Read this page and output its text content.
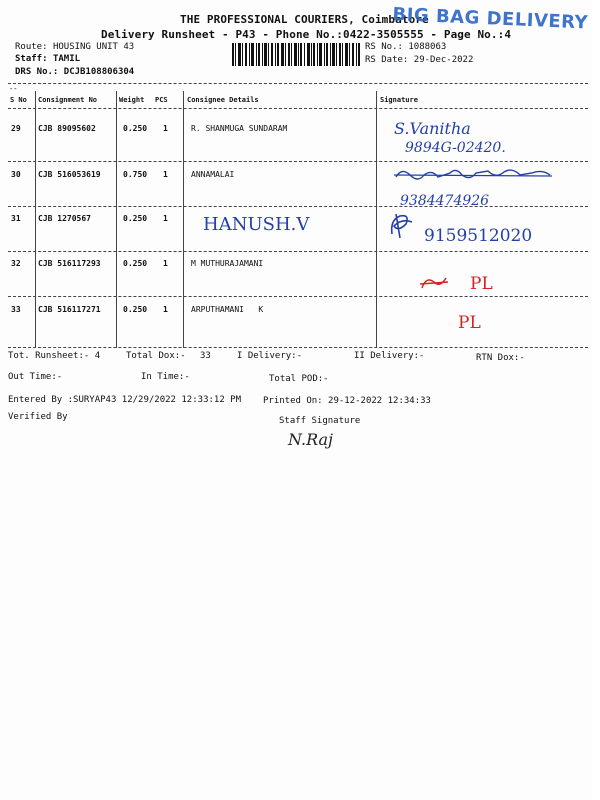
THE PROFESSIONAL COURIERS, Coimbatore
Delivery Runsheet - P43 - Phone No.:0422-3505555 - Page No.:4
BIG BAG DELIVERY
Route: HOUSING UNIT 43
Staff: TAMIL
DRS No.: DCJB108806304
RS No.: 1088063
RS Date: 29-Dec-2022
--
S No Consignment No	Weight PCS	Consignee Details	Signature
29 CJB 89095602	0.250 1	R. SHANMUGA SUNDARAM	S.Vanitha
9894G-02420.
30 CJB 516053619	0.750 1	ANNAMALAI
9384474926
31 CJB 1270567	0.250 1 HANUSH.V
9159512020
32 CJB 516117293	0.250 1	M MUTHURAJAMANI
PL
33 CJB 516117271	0.250 1	ARPUTHAMANI   K
PL
Tot. Runsheet:- 4	Total Dox:- 33	I Delivery:-	II Delivery:-	RTN Dox:-
Out Time:-	In Time:-	Total POD:-
Entered By :SURYAP43 12/29/2022 12:33:12 PM Printed On: 29-12-2022 12:34:33
Verified By	Staff Signature
N.Raj
